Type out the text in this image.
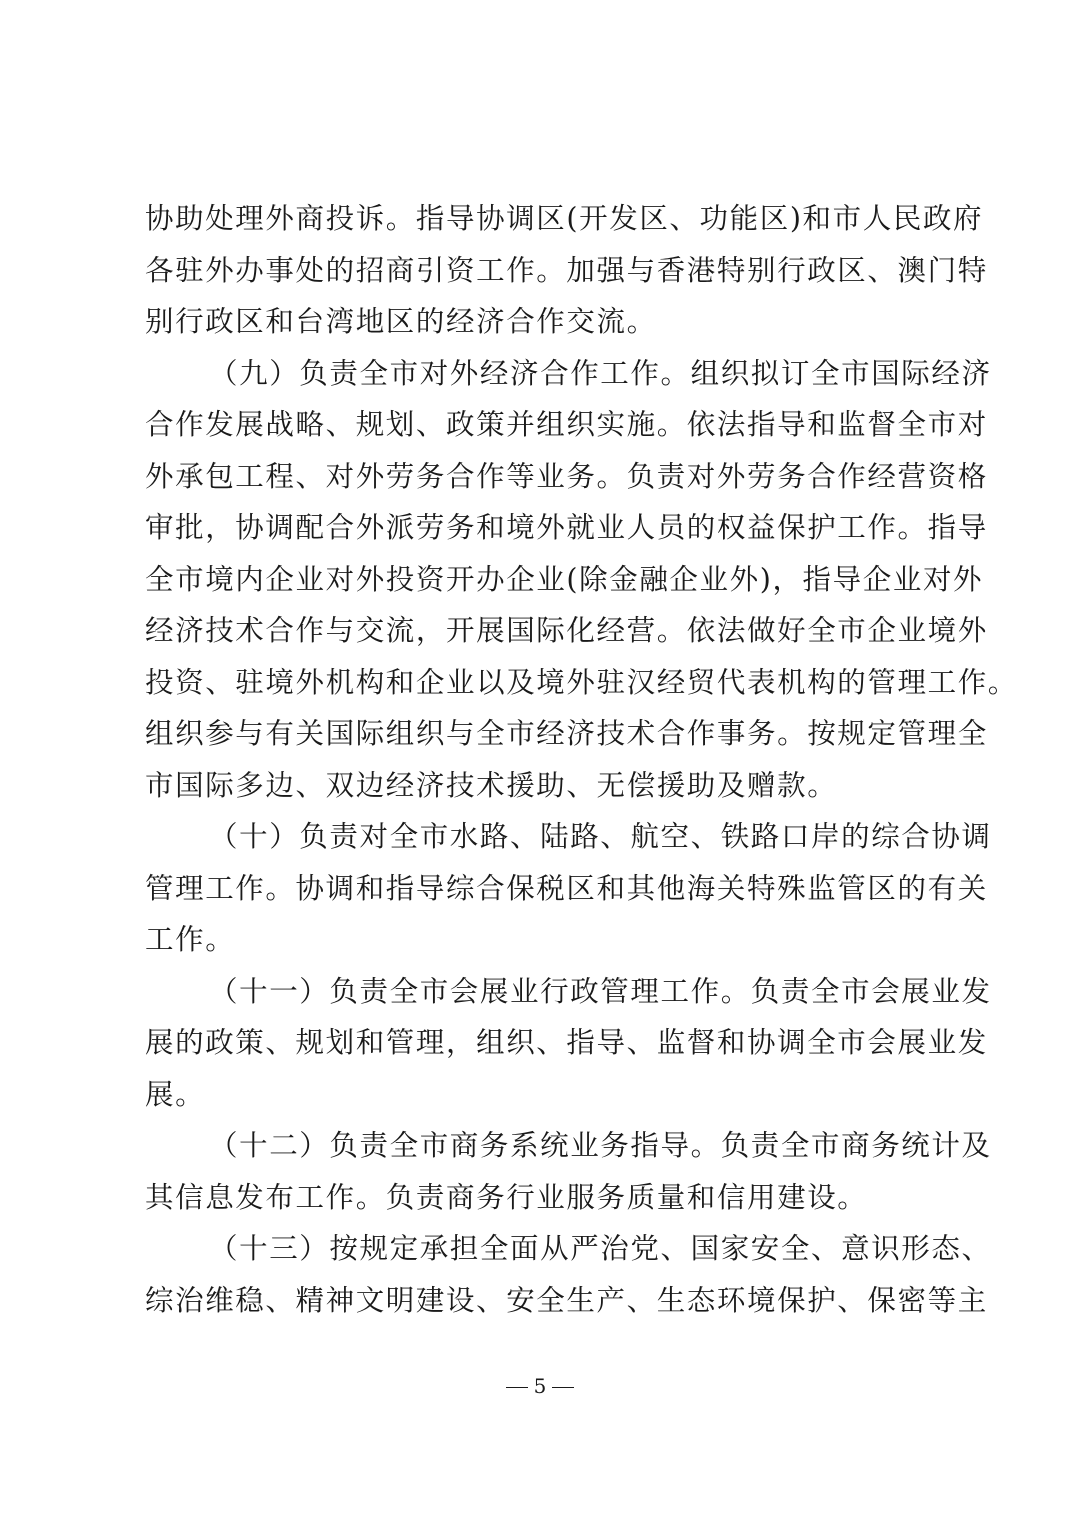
协助处理外商投诉。指导协调区(开发区、功能区)和市人民政府
各驻外办事处的招商引资工作。加强与香港特别行政区、澳门特
别行政区和台湾地区的经济合作交流。
（九）负责全市对外经济合作工作。组织拟订全市国际经济
合作发展战略、规划、政策并组织实施。依法指导和监督全市对
外承包工程、对外劳务合作等业务。负责对外劳务合作经营资格
审批，协调配合外派劳务和境外就业人员的权益保护工作。指导
全市境内企业对外投资开办企业(除金融企业外)，指导企业对外
经济技术合作与交流，开展国际化经营。依法做好全市企业境外
投资、驻境外机构和企业以及境外驻汉经贸代表机构的管理工作。
组织参与有关国际组织与全市经济技术合作事务。按规定管理全
市国际多边、双边经济技术援助、无偿援助及赠款。
（十）负责对全市水路、陆路、航空、铁路口岸的综合协调
管理工作。协调和指导综合保税区和其他海关特殊监管区的有关
工作。
（十一）负责全市会展业行政管理工作。负责全市会展业发
展的政策、规划和管理，组织、指导、监督和协调全市会展业发
展。
（十二）负责全市商务系统业务指导。负责全市商务统计及
其信息发布工作。负责商务行业服务质量和信用建设。
（十三）按规定承担全面从严治党、国家安全、意识形态、
综治维稳、精神文明建设、安全生产、生态环境保护、保密等主
5
